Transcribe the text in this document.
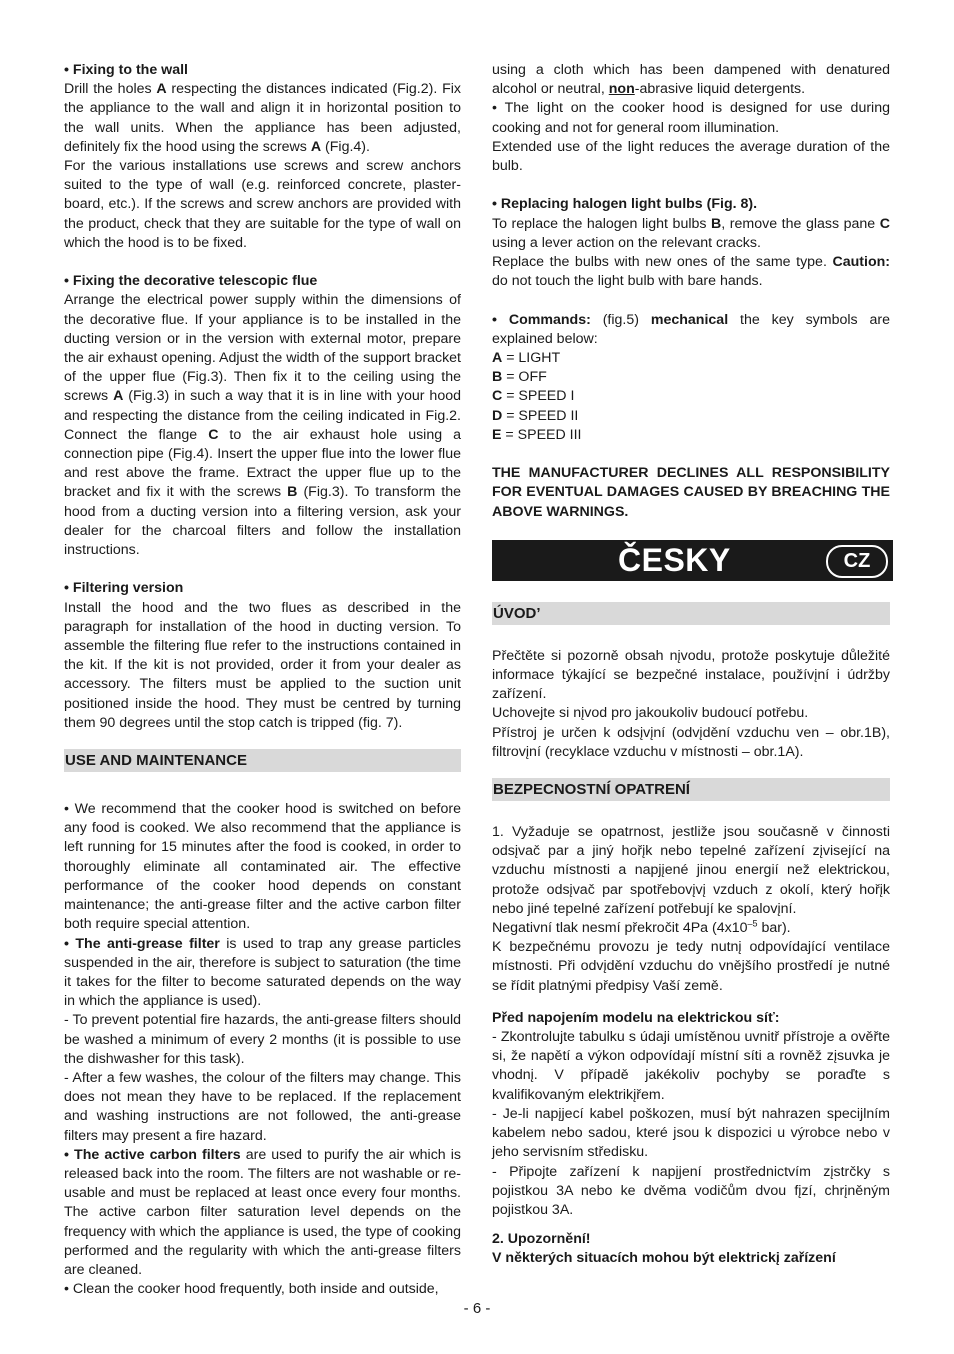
• Fixing to the wall

Drill the holes A respecting the distances indicated (Fig.2). Fix the appliance to the wall and align it in horizontal position to the wall units. When the appliance has been adjusted, definitely fix the hood using the screws A (Fig.4).

For the various installations use screws and screw anchors suited to the type of wall (e.g. reinforced concrete, plaster-board, etc.). If the screws and screw anchors are provided with the product, check that they are suitable for the type of wall on which the hood is to be fixed.

• Fixing the decorative telescopic flue

Arrange the electrical power supply within the dimensions of the decorative flue. If your appliance is to be installed in the ducting version or in the version with external motor, prepare the air exhaust opening. Adjust the width of the support bracket of the upper flue (Fig.3). Then fix it to the ceiling using the screws A (Fig.3) in such a way that it is in line with your hood and respecting the distance from the ceiling indicated in Fig.2. Connect the flange C to the air exhaust hole using a connection pipe (Fig.4). Insert the upper flue into the lower flue and rest above the frame. Extract the upper flue up to the bracket and fix it with the screws B (Fig.3). To transform the hood from a ducting version into a filtering version, ask your dealer for the charcoal filters and follow the installation instructions.

• Filtering version

Install the hood and the two flues as described in the paragraph for installation of the hood in ducting version. To assemble the filtering flue refer to the instructions contained in the kit. If the kit is not provided, order it from your dealer as accessory. The filters must be applied to the suction unit positioned inside the hood. They must be centred by turning them 90 degrees until the stop catch is tripped (fig. 7).

USE AND MAINTENANCE

• We recommend that the cooker hood is switched on before any food is cooked. We also recommend that the appliance is left running for 15 minutes after the food is cooked, in order to thoroughly eliminate all contaminated air. The effective performance of the cooker hood depends on constant maintenance; the anti-grease filter and the active carbon filter both require special attention.

• The anti-grease filter is used to trap any grease particles suspended in the air, therefore is subject to saturation (the time it takes for the filter to become saturated depends on the way in which the appliance is used).

- To prevent potential fire hazards, the anti-grease filters should be washed a minimum of every 2 months (it is possible to use the dishwasher for this task).

- After a few washes, the colour of the filters may change. This does not mean they have to be replaced. If the replacement and washing instructions are not followed, the anti-grease filters may present a fire hazard.

• The active carbon filters are used to purify the air which is released back into the room. The filters are not washable or re-usable and must be replaced at least once every four months. The active carbon filter saturation level depends on the frequency with which the appliance is used, the type of cooking performed and the regularity with which the anti-grease filters are cleaned.

• Clean the cooker hood frequently, both inside and outside,

using a cloth which has been dampened with denatured alcohol or neutral, non-abrasive liquid detergents.

• The light on the cooker hood is designed for use during cooking and not for general room illumination.

Extended use of the light reduces the average duration of the bulb.

• Replacing halogen light bulbs (Fig. 8).

To replace the halogen light bulbs B, remove the glass pane C using a lever action on the relevant cracks.

Replace the bulbs with new ones of the same type. Caution: do not touch the light bulb with bare hands.

• Commands: (fig.5) mechanical the key symbols are explained below:

A = LIGHT

B = OFF

C = SPEED I

D = SPEED II

E = SPEED III

THE MANUFACTURER DECLINES ALL RESPONSIBILITY FOR EVENTUAL DAMAGES CAUSED BY BREACHING THE ABOVE WARNINGS.

ČESKY	CZ
ÚVOD’

Přečtěte si pozorně obsah nįvodu, protože poskytuje důležité informace týkající se bezpečné instalace, používįní i údržby zařízení.

Uchovejte si nįvod pro jakoukoliv budoucí potřebu.

Přístroj je určen k odsįvįní (odvįdění vzduchu ven – obr.1B), filtrovįní (recyklace vzduchu v místnosti – obr.1A).

BEZPECNOSTNÍ OPATRENÍ

1. Vyžaduje se opatrnost, jestliže jsou současně v činnosti odsįvač par a jiný hořįk nebo tepelné zařízení zįvisející na vzduchu místnosti a napjįené jinou energií než elektrickou, protože odsįvač par spotřebovįvį vzduch z okolí, který hořįk nebo jiné tepelné zařízení potřebují ke spalovįní.

Negativní tlak nesmí překročit 4Pa ($4x10^{-5}$ bar).

K bezpečnému provozu je tedy nutnį odpovídající ventilace místnosti. Při odvįdění vzduchu do vnějšího prostředí je nutné se řídit platnými předpisy Vaší země.

Před napojením modelu na elektrickou síť:

- Zkontrolujte tabulku s údaji umístěnou uvnitř přístroje a ověřte si, že napětí a výkon odpovídají místní síti a rovněž zįsuvka je vhodnį. V případě jakékoliv pochyby se poraďte s kvalifikovaným elektrikįřem.

- Je-li napįjecí kabel poškozen, musí být nahrazen specijlním kabelem nebo sadou, které jsou k dispozici u výrobce nebo v jeho servisním středisku.

- Připojte zařízení k napįjení prostřednictvím zįstrčky s pojistkou 3A nebo ke dvěma vodičům dvou fįzí, chrįněným pojistkou 3A.

2. Upozornění!

V některých situacích mohou být elektrickį zařízení

- 6 -
